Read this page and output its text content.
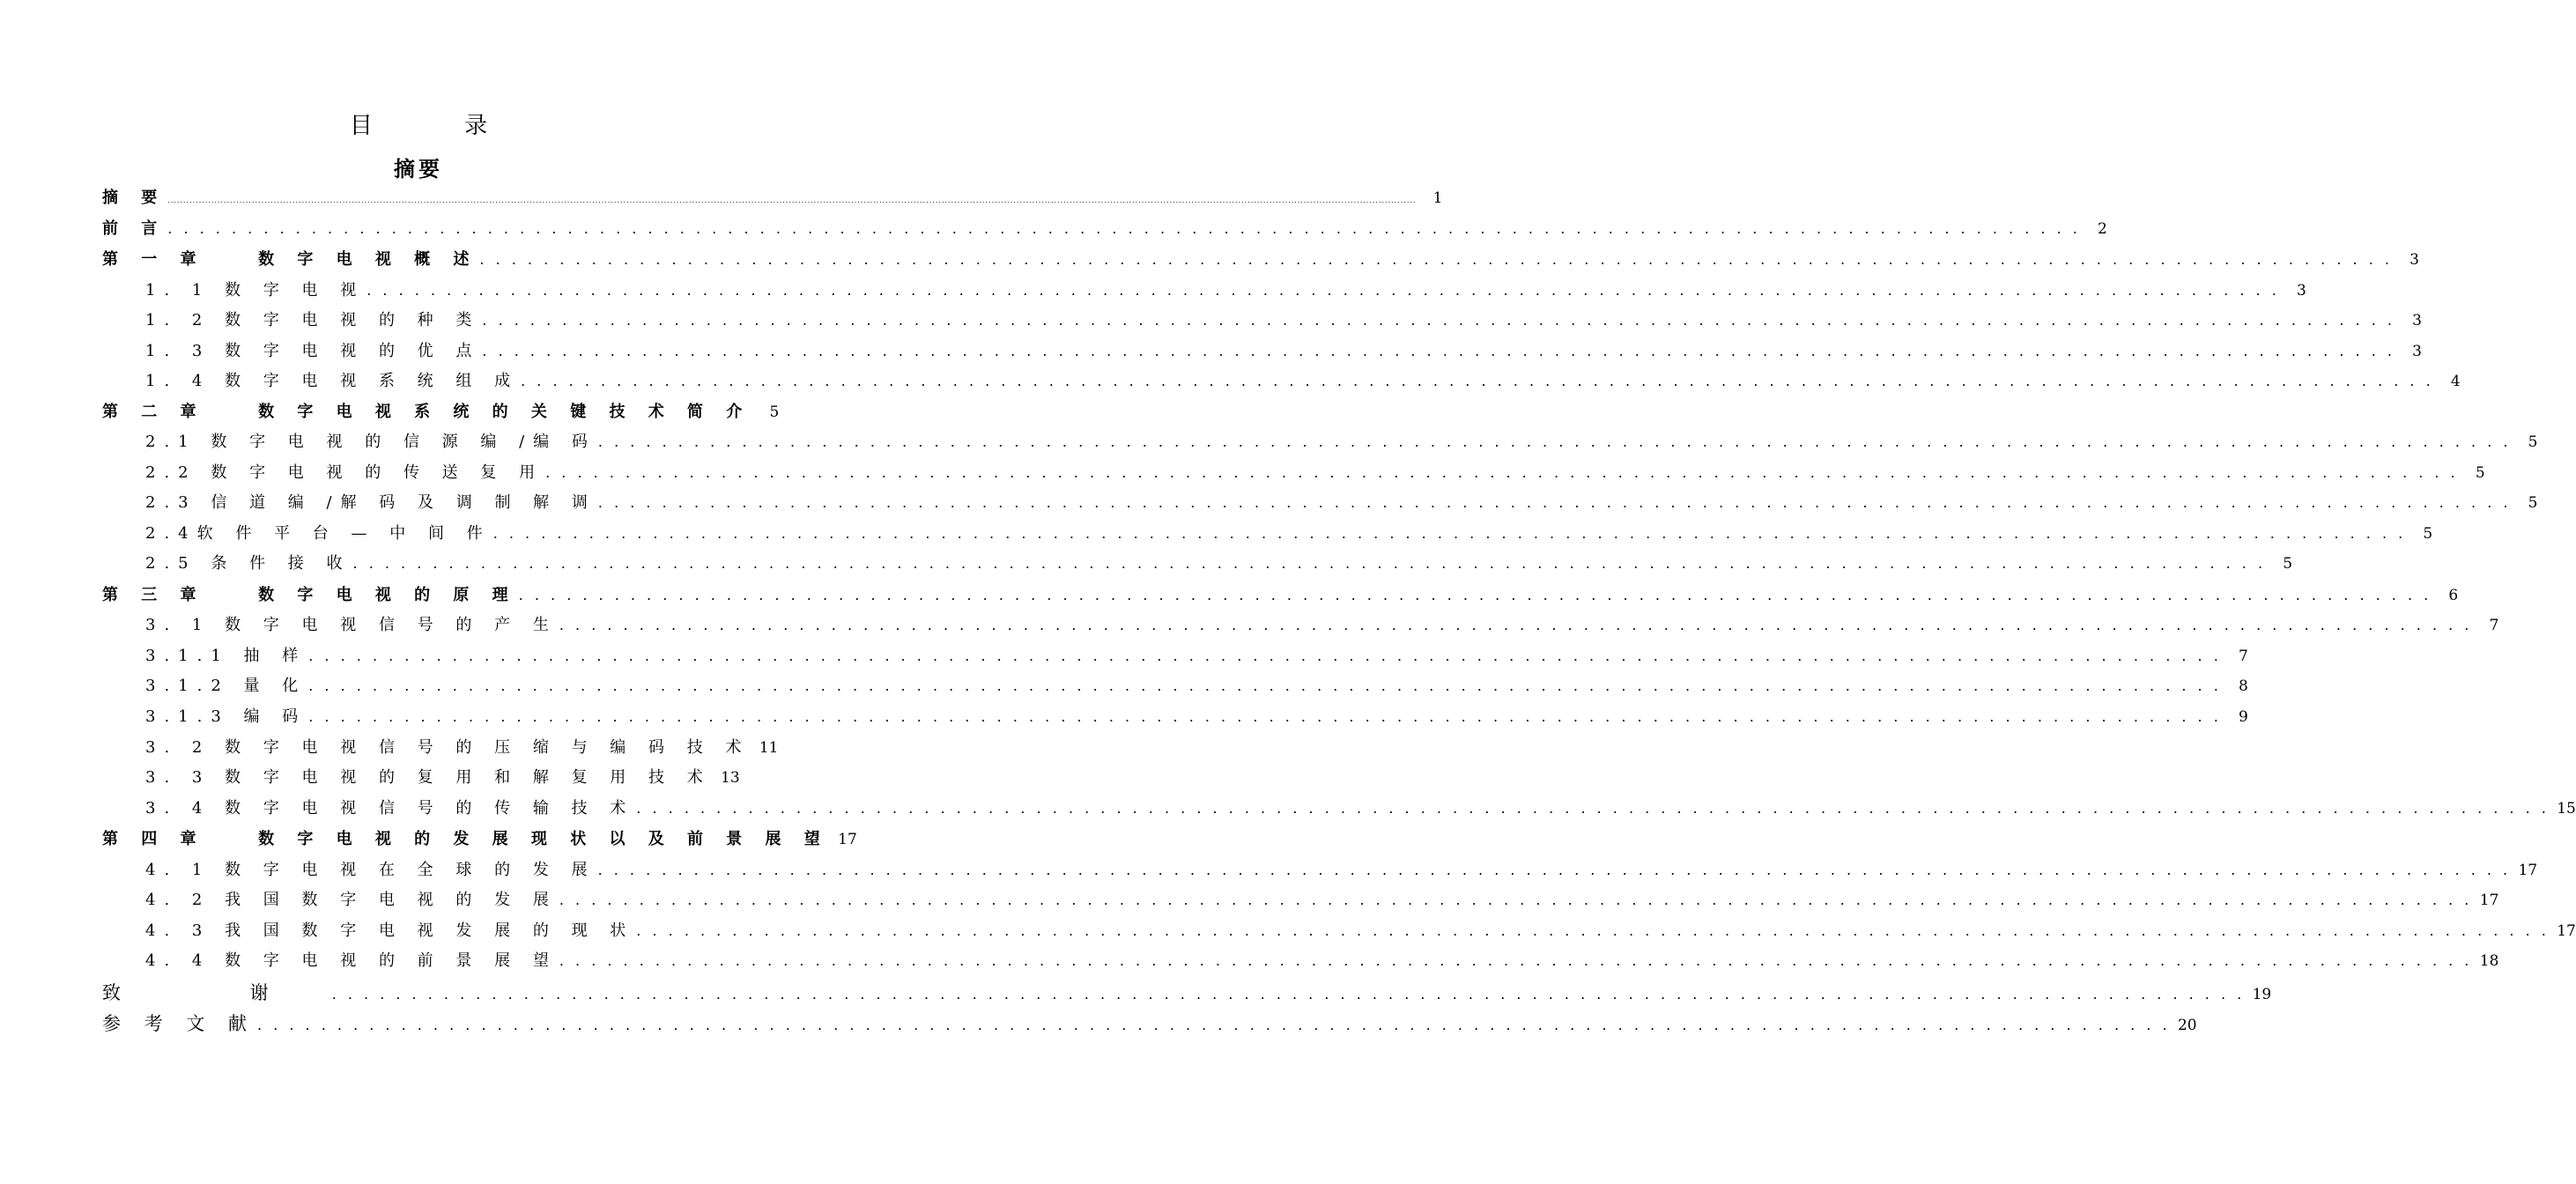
目 录
摘要
摘 要 ................................................................................................................................................................................................................................................................................................................................................................................................................	1
前 言 . . . . . . . . . . . . . . . . . . . . . . . . . . . . . . . . . . . . . . . . . . . . . . . . . . . . . . . . . . . . . . . . . . . . . . . . . . . . . . . . . . . . . . . . . . . . . . . . . . . . . . . . . . . . . . . . . . . . . . . .	2
第 一 章 　 数 字 电 视 概 述 . . . . . . . . . . . . . . . . . . . . . . . . . . . . . . . . . . . . . . . . . . . . . . . . . . . . . . . . . . . . . . . . . . . . . . . . . . . . . . . . . . . . . . . . . . . . . . . . . . . . . . . . . . . . . . . . . . . . . . . .	3
1. 1 数 字 电 视 . . . . . . . . . . . . . . . . . . . . . . . . . . . . . . . . . . . . . . . . . . . . . . . . . . . . . . . . . . . . . . . . . . . . . . . . . . . . . . . . . . . . . . . . . . . . . . . . . . . . . . . . . . . . . . . . . . . . . . . .	3
1. 2 数 字 电 视 的 种 类 . . . . . . . . . . . . . . . . . . . . . . . . . . . . . . . . . . . . . . . . . . . . . . . . . . . . . . . . . . . . . . . . . . . . . . . . . . . . . . . . . . . . . . . . . . . . . . . . . . . . . . . . . . . . . . . . . . . . . . . .	3
1. 3 数 字 电 视 的 优 点 . . . . . . . . . . . . . . . . . . . . . . . . . . . . . . . . . . . . . . . . . . . . . . . . . . . . . . . . . . . . . . . . . . . . . . . . . . . . . . . . . . . . . . . . . . . . . . . . . . . . . . . . . . . . . . . . . . . . . . . .	3
1. 4 数 字 电 视 系 统 组 成 . . . . . . . . . . . . . . . . . . . . . . . . . . . . . . . . . . . . . . . . . . . . . . . . . . . . . . . . . . . . . . . . . . . . . . . . . . . . . . . . . . . . . . . . . . . . . . . . . . . . . . . . . . . . . . . . . . . . . . . .	4
第 二 章 　 数 字 电 视 系 统 的 关 键 技 术 简 介	5
2.1 数 字 电 视 的 信 源 编 /编 码 . . . . . . . . . . . . . . . . . . . . . . . . . . . . . . . . . . . . . . . . . . . . . . . . . . . . . . . . . . . . . . . . . . . . . . . . . . . . . . . . . . . . . . . . . . . . . . . . . . . . . . . . . . . . . . . . . . . . . . . .	5
2.2 数 字 电 视 的 传 送 复 用 . . . . . . . . . . . . . . . . . . . . . . . . . . . . . . . . . . . . . . . . . . . . . . . . . . . . . . . . . . . . . . . . . . . . . . . . . . . . . . . . . . . . . . . . . . . . . . . . . . . . . . . . . . . . . . . . . . . . . . . .	5
2.3 信 道 编 /解 码 及 调 制 解 调 . . . . . . . . . . . . . . . . . . . . . . . . . . . . . . . . . . . . . . . . . . . . . . . . . . . . . . . . . . . . . . . . . . . . . . . . . . . . . . . . . . . . . . . . . . . . . . . . . . . . . . . . . . . . . . . . . . . . . . . .	5
2.4软 件 平 台 — 中 间 件 . . . . . . . . . . . . . . . . . . . . . . . . . . . . . . . . . . . . . . . . . . . . . . . . . . . . . . . . . . . . . . . . . . . . . . . . . . . . . . . . . . . . . . . . . . . . . . . . . . . . . . . . . . . . . . . . . . . . . . . .	5
2.5 条 件 接 收 . . . . . . . . . . . . . . . . . . . . . . . . . . . . . . . . . . . . . . . . . . . . . . . . . . . . . . . . . . . . . . . . . . . . . . . . . . . . . . . . . . . . . . . . . . . . . . . . . . . . . . . . . . . . . . . . . . . . . . . .	5
第 三 章 　 数 字 电 视 的 原 理 . . . . . . . . . . . . . . . . . . . . . . . . . . . . . . . . . . . . . . . . . . . . . . . . . . . . . . . . . . . . . . . . . . . . . . . . . . . . . . . . . . . . . . . . . . . . . . . . . . . . . . . . . . . . . . . . . . . . . . . .	6
3. 1 数 字 电 视 信 号 的 产 生 . . . . . . . . . . . . . . . . . . . . . . . . . . . . . . . . . . . . . . . . . . . . . . . . . . . . . . . . . . . . . . . . . . . . . . . . . . . . . . . . . . . . . . . . . . . . . . . . . . . . . . . . . . . . . . . . . . . . . . . .	7
3.1.1 抽 样 . . . . . . . . . . . . . . . . . . . . . . . . . . . . . . . . . . . . . . . . . . . . . . . . . . . . . . . . . . . . . . . . . . . . . . . . . . . . . . . . . . . . . . . . . . . . . . . . . . . . . . . . . . . . . . . . . . . . . . . .	7
3.1.2 量 化 . . . . . . . . . . . . . . . . . . . . . . . . . . . . . . . . . . . . . . . . . . . . . . . . . . . . . . . . . . . . . . . . . . . . . . . . . . . . . . . . . . . . . . . . . . . . . . . . . . . . . . . . . . . . . . . . . . . . . . . .	8
3.1.3 编 码 . . . . . . . . . . . . . . . . . . . . . . . . . . . . . . . . . . . . . . . . . . . . . . . . . . . . . . . . . . . . . . . . . . . . . . . . . . . . . . . . . . . . . . . . . . . . . . . . . . . . . . . . . . . . . . . . . . . . . . . .	9
3. 2 数 字 电 视 信 号 的 压 缩 与 编 码 技 术 11
3. 3 数 字 电 视 的 复 用 和 解 复 用 技 术 13
3. 4 数 字 电 视 信 号 的 传 输 技 术 . . . . . . . . . . . . . . . . . . . . . . . . . . . . . . . . . . . . . . . . . . . . . . . . . . . . . . . . . . . . . . . . . . . . . . . . . . . . . . . . . . . . . . . . . . . . . . . . . . . . . . . . . . . . . . . . . . . . . . . . 15
第 四 章 　 数 字 电 视 的 发 展 现 状 以 及 前 景 展 望 17
4. 1 数 字 电 视 在 全 球 的 发 展 . . . . . . . . . . . . . . . . . . . . . . . . . . . . . . . . . . . . . . . . . . . . . . . . . . . . . . . . . . . . . . . . . . . . . . . . . . . . . . . . . . . . . . . . . . . . . . . . . . . . . . . . . . . . . . . . . . . . . . . . 17
4. 2 我 国 数 字 电 视 的 发 展 . . . . . . . . . . . . . . . . . . . . . . . . . . . . . . . . . . . . . . . . . . . . . . . . . . . . . . . . . . . . . . . . . . . . . . . . . . . . . . . . . . . . . . . . . . . . . . . . . . . . . . . . . . . . . . . . . . . . . . . . 17
4. 3 我 国 数 字 电 视 发 展 的 现 状 . . . . . . . . . . . . . . . . . . . . . . . . . . . . . . . . . . . . . . . . . . . . . . . . . . . . . . . . . . . . . . . . . . . . . . . . . . . . . . . . . . . . . . . . . . . . . . . . . . . . . . . . . . . . . . . . . . . . . . . . 17
4. 4 数 字 电 视 的 前 景 展 望 . . . . . . . . . . . . . . . . . . . . . . . . . . . . . . . . . . . . . . . . . . . . . . . . . . . . . . . . . . . . . . . . . . . . . . . . . . . . . . . . . . . . . . . . . . . . . . . . . . . . . . . . . . . . . . . . . . . . . . . . 18
致 谢 . . . . . . . . . . . . . . . . . . . . . . . . . . . . . . . . . . . . . . . . . . . . . . . . . . . . . . . . . . . . . . . . . . . . . . . . . . . . . . . . . . . . . . . . . . . . . . . . . . . . . . . . . . . . . . . . . . . . . . . . 19
参 考 文 献 . . . . . . . . . . . . . . . . . . . . . . . . . . . . . . . . . . . . . . . . . . . . . . . . . . . . . . . . . . . . . . . . . . . . . . . . . . . . . . . . . . . . . . . . . . . . . . . . . . . . . . . . . . . . . . . . . . . . . . . . 20
